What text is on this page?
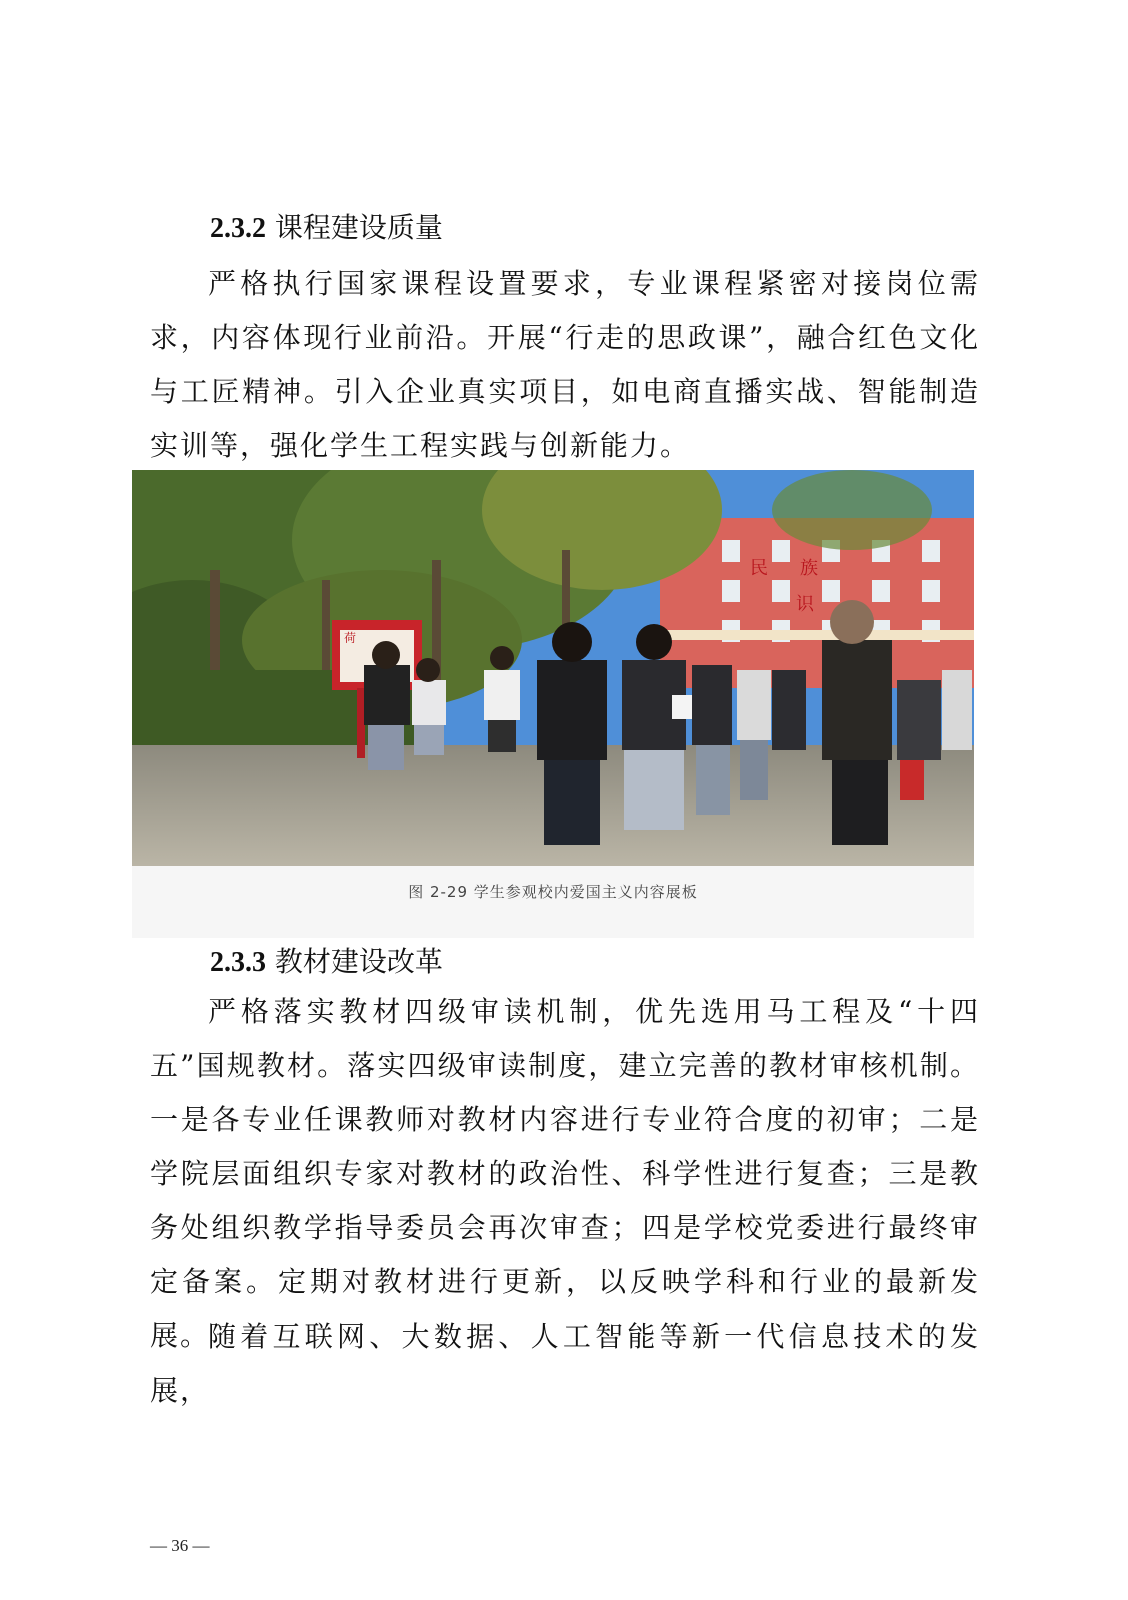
2.3.2 课程建设质量

严格执行国家课程设置要求，专业课程紧密对接岗位需求，内容体现行业前沿。开展“行走的思政课”，融合红色文化与工匠精神。引入企业真实项目，如电商直播实战、智能制造实训等，强化学生工程实践与创新能力。

民 族
识
荷
图 2-29 学生参观校内爱国主义内容展板
2.3.3 教材建设改革

严格落实教材四级审读机制，优先选用马工程及“十四五”国规教材。落实四级审读制度，建立完善的教材审核机制。一是各专业任课教师对教材内容进行专业符合度的初审；二是学院层面组织专家对教材的政治性、科学性进行复查；三是教务处组织教学指导委员会再次审查；四是学校党委进行最终审定备案。定期对教材进行更新，以反映学科和行业的最新发展。

随着互联网、大数据、人工智能等新一代信息技术的发展，

— 36 —
